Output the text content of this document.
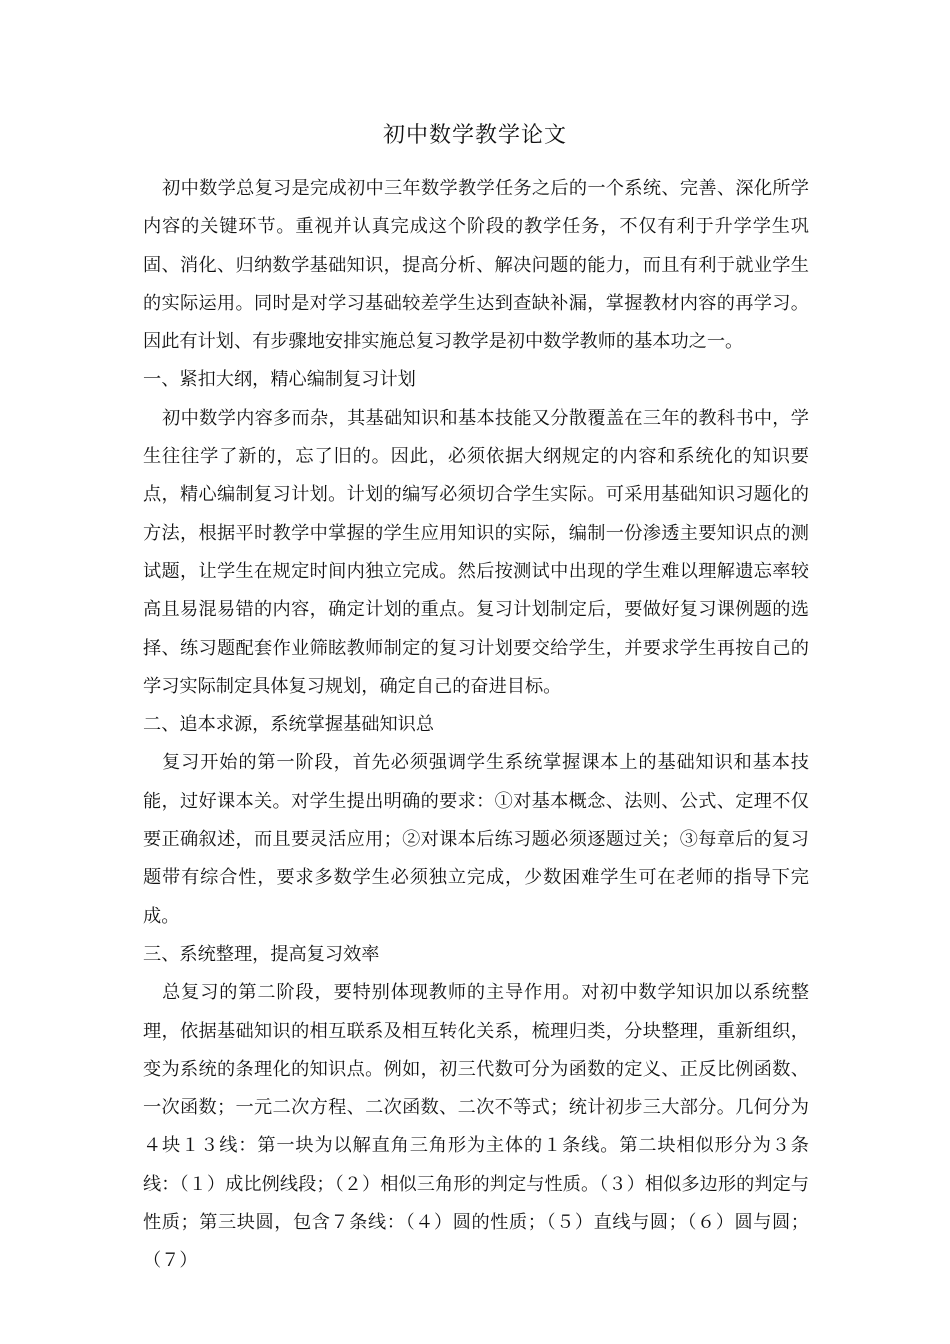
初中数学教学论文

初中数学总复习是完成初中三年数学教学任务之后的一个系统、完善、深化所学内容的关键环节。重视并认真完成这个阶段的教学任务，不仅有利于升学学生巩固、消化、归纳数学基础知识，提高分析、解决问题的能力，而且有利于就业学生的实际运用。同时是对学习基础较差学生达到查缺补漏，掌握教材内容的再学习。因此有计划、有步骤地安排实施总复习教学是初中数学教师的基本功之一。

一、紧扣大纲，精心编制复习计划

初中数学内容多而杂，其基础知识和基本技能又分散覆盖在三年的教科书中，学生往往学了新的，忘了旧的。因此，必须依据大纲规定的内容和系统化的知识要点，精心编制复习计划。计划的编写必须切合学生实际。可采用基础知识习题化的方法，根据平时教学中掌握的学生应用知识的实际，编制一份渗透主要知识点的测试题，让学生在规定时间内独立完成。然后按测试中出现的学生难以理解遗忘率较高且易混易错的内容，确定计划的重点。复习计划制定后，要做好复习课例题的选择、练习题配套作业筛眩教师制定的复习计划要交给学生，并要求学生再按自己的学习实际制定具体复习规划，确定自己的奋进目标。

二、追本求源，系统掌握基础知识总

复习开始的第一阶段，首先必须强调学生系统掌握课本上的基础知识和基本技能，过好课本关。对学生提出明确的要求：①对基本概念、法则、公式、定理不仅要正确叙述，而且要灵活应用；②对课本后练习题必须逐题过关；③每章后的复习题带有综合性，要求多数学生必须独立完成，少数困难学生可在老师的指导下完成。

三、系统整理，提高复习效率

总复习的第二阶段，要特别体现教师的主导作用。对初中数学知识加以系统整理，依据基础知识的相互联系及相互转化关系，梳理归类，分块整理，重新组织，变为系统的条理化的知识点。例如，初三代数可分为函数的定义、正反比例函数、一次函数；一元二次方程、二次函数、二次不等式；统计初步三大部分。几何分为４块１３线：第一块为以解直角三角形为主体的１条线。第二块相似形分为３条线：（１）成比例线段；（２）相似三角形的判定与性质。（３）相似多边形的判定与性质；第三块圆，包含７条线：（４）圆的性质；（５）直线与圆；（６）圆与圆；（７）
